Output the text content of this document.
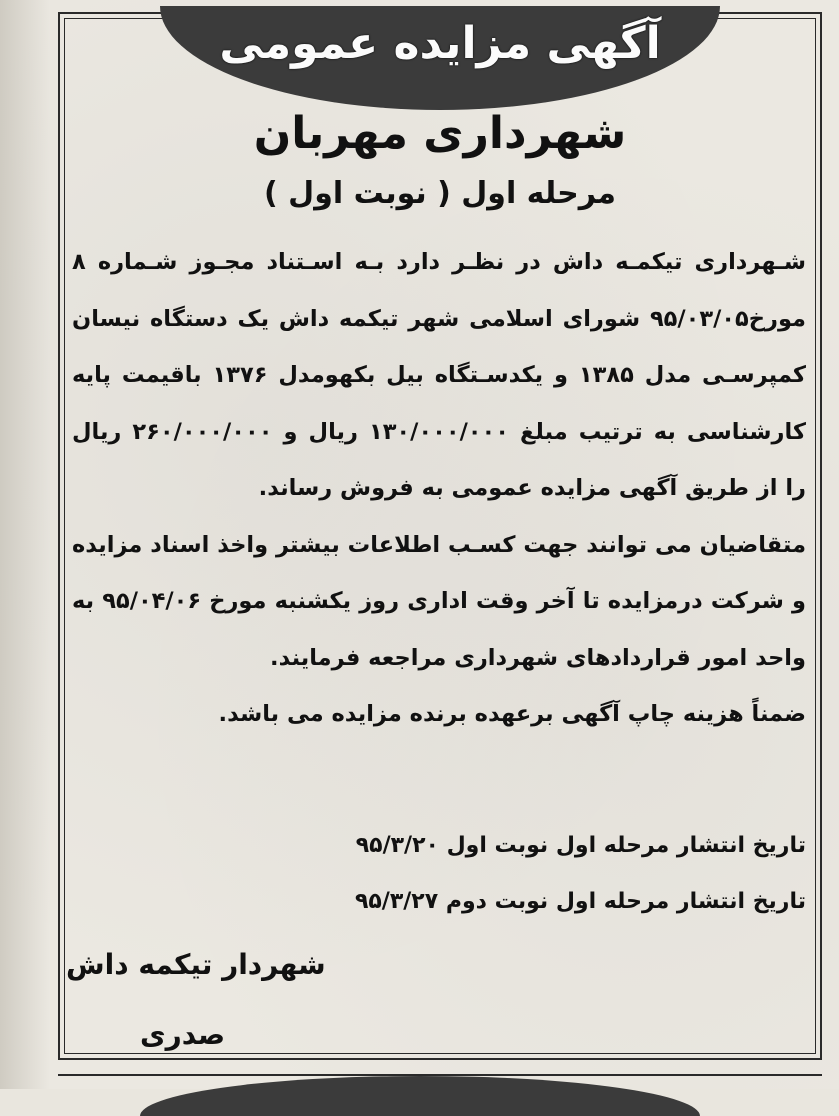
آگهی مزایده عمومی
شهرداری مهربان
مرحله اول ( نوبت اول )

شـهرداری تیکمـه داش در نظـر دارد بـه اسـتناد مجـوز شـماره ۸ مورخ۹۵/۰۳/۰۵ شورای اسلامی شهر تیکمه داش یک دستگاه نیسان کمپرسـی مدل ۱۳۸۵ و یکدسـتگاه بیل بکهومدل ۱۳۷۶ باقیمت پایه کارشناسی به ترتیب مبلغ ۱۳۰/۰۰۰/۰۰۰ ریال و ۲۶۰/۰۰۰/۰۰۰ ریال را از طریق آگهی مزایده عمومی به فروش رساند.

متقاضیان می توانند جهت کسـب اطلاعات بیشتر واخذ اسناد مزایده و شرکت درمزایده تا آخر وقت اداری روز یکشنبه مورخ ۹۵/۰۴/۰۶ به واحد امور قراردادهای شهرداری مراجعه فرمایند.

ضمناً هزینه چاپ آگهی برعهده برنده مزایده می باشد.

تاریخ انتشار مرحله اول نوبت اول ۹۵/۳/۲۰

تاریخ انتشار مرحله اول نوبت دوم ۹۵/۳/۲۷

شهردار تیکمه داش
صدری
